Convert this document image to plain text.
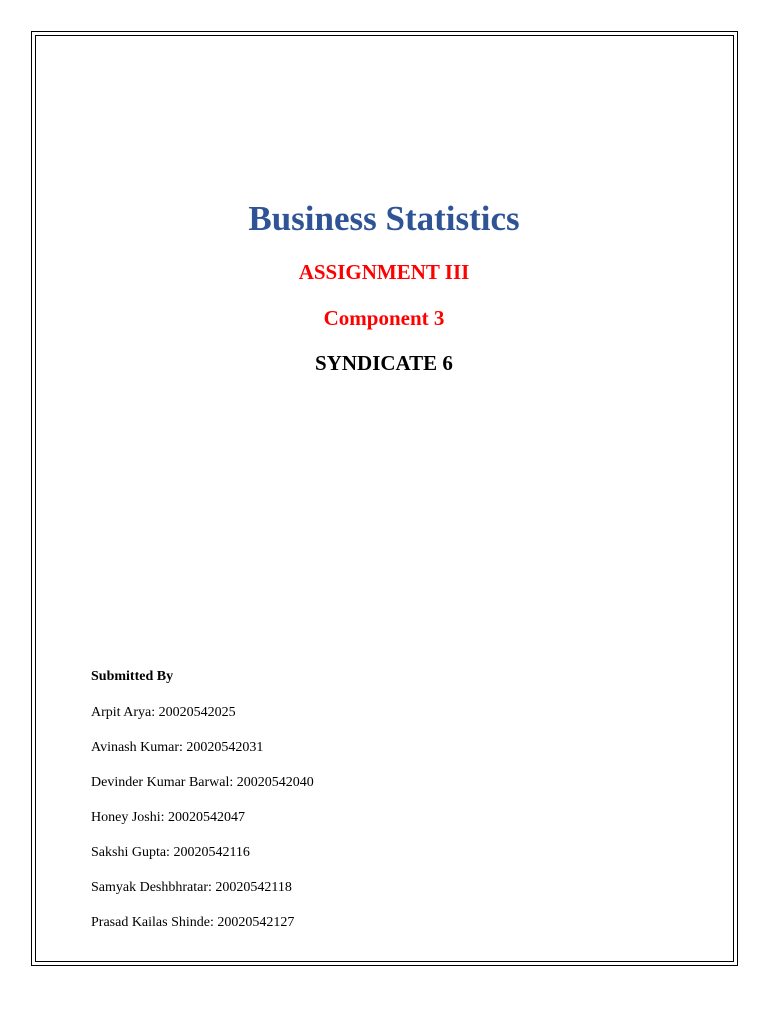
Business Statistics
ASSIGNMENT III
Component 3
SYNDICATE 6
Submitted By
Arpit Arya: 20020542025
Avinash Kumar: 20020542031
Devinder Kumar Barwal: 20020542040
Honey Joshi: 20020542047
Sakshi Gupta: 20020542116
Samyak Deshbhratar: 20020542118
Prasad Kailas Shinde: 20020542127
